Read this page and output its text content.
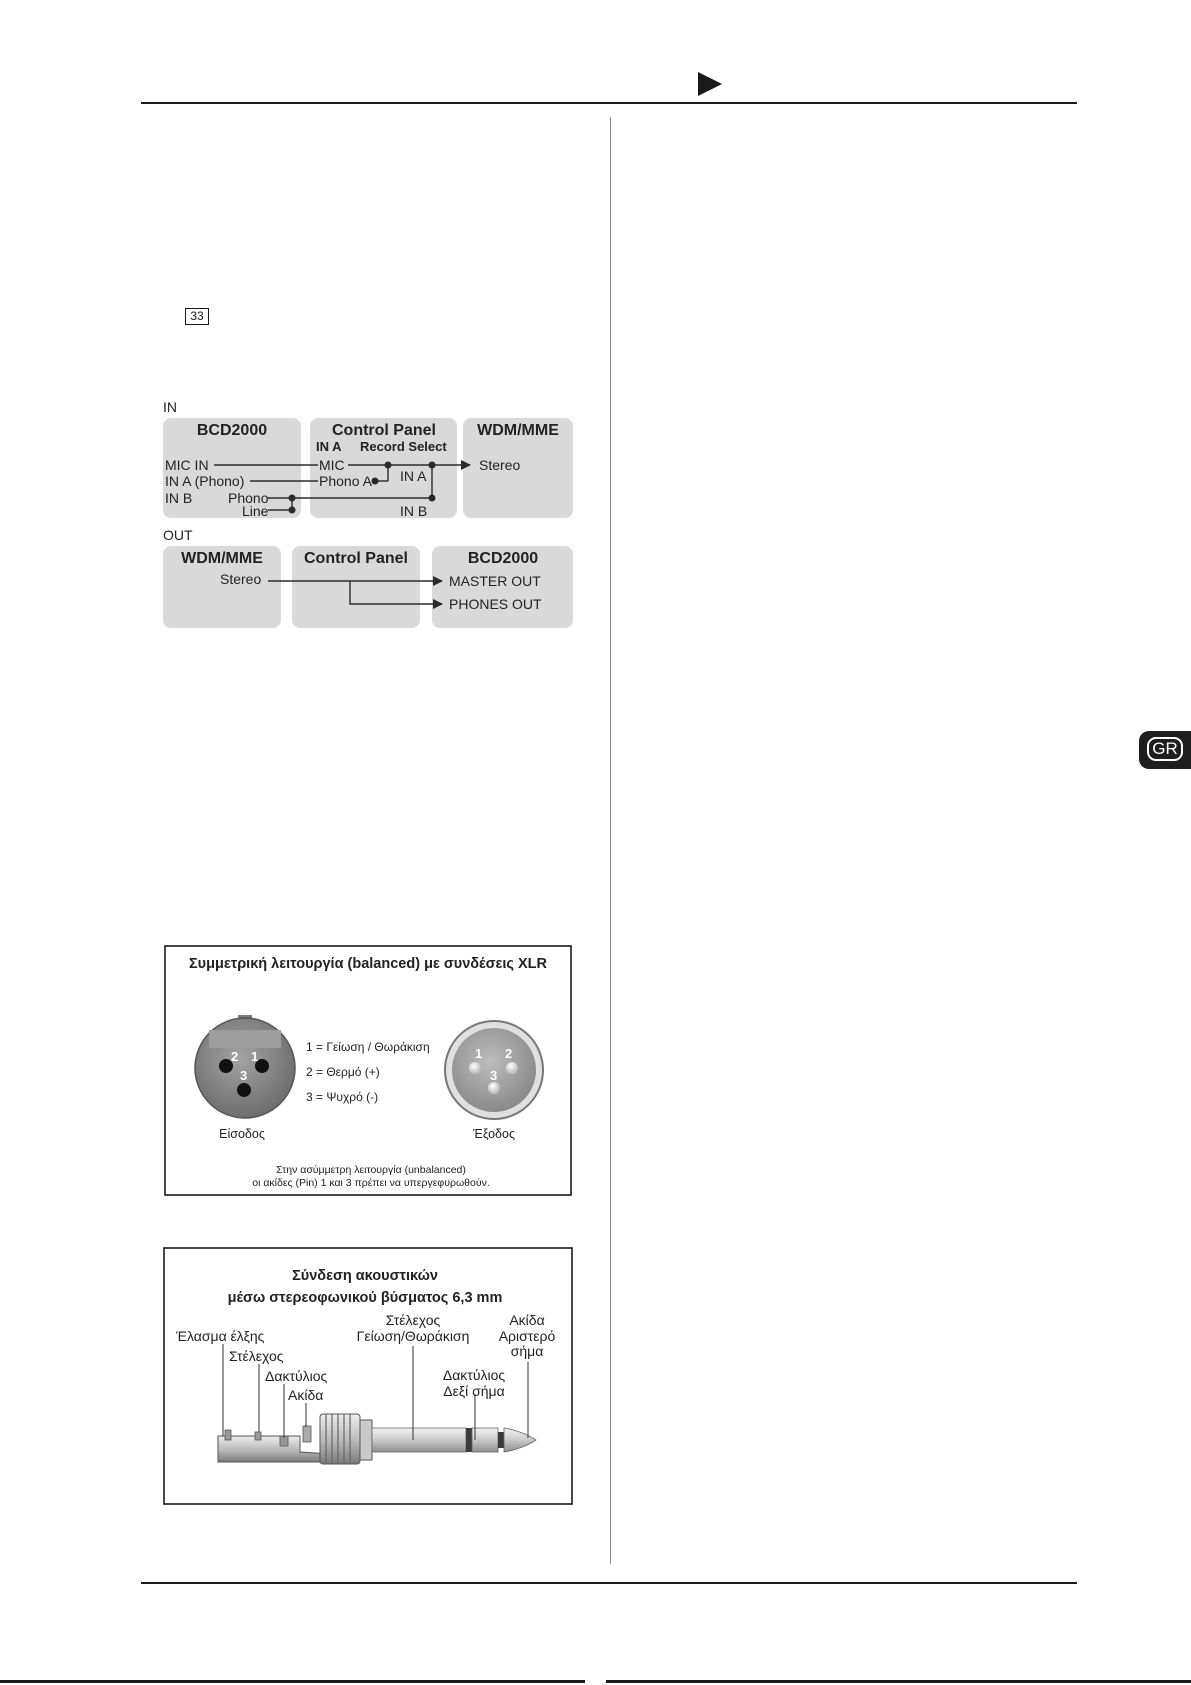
33
IN
BCD2000	Control Panel
IN A Record Select
WDM/MME
MIC IN
IN A (Phono)
IN B	Phono
Line
MIC
Phono A IN A
IN B
Stereo
OUT
WDM/MME	Control Panel	BCD2000
Stereo	MASTER OUT
PHONES OUT
Συμμετρική λειτουργία (balanced) με συνδέσεις XLR
2 1
3
1 2
3
1 = Γείωση / Θωράκιση
2 = Θερμό (+)
3 = Ψυχρό (-)
Είσοδος	Έξοδος
Στην ασύμμετρη λειτουργία (unbalanced)
οι ακίδες (Pin) 1 και 3 πρέπει να υπεργεφυρωθούν.
Σύνδεση ακουστικών
μέσω στερεοφωνικού βύσματος 6,3 mm
Έλασμα έλξης
Στέλεχος
Δακτύλιος
Ακίδα
Στέλεχος
Γείωση/Θωράκιση
Ακίδα
Αριστερό
σήμα
Δακτύλιος
Δεξί σήμα
GR
